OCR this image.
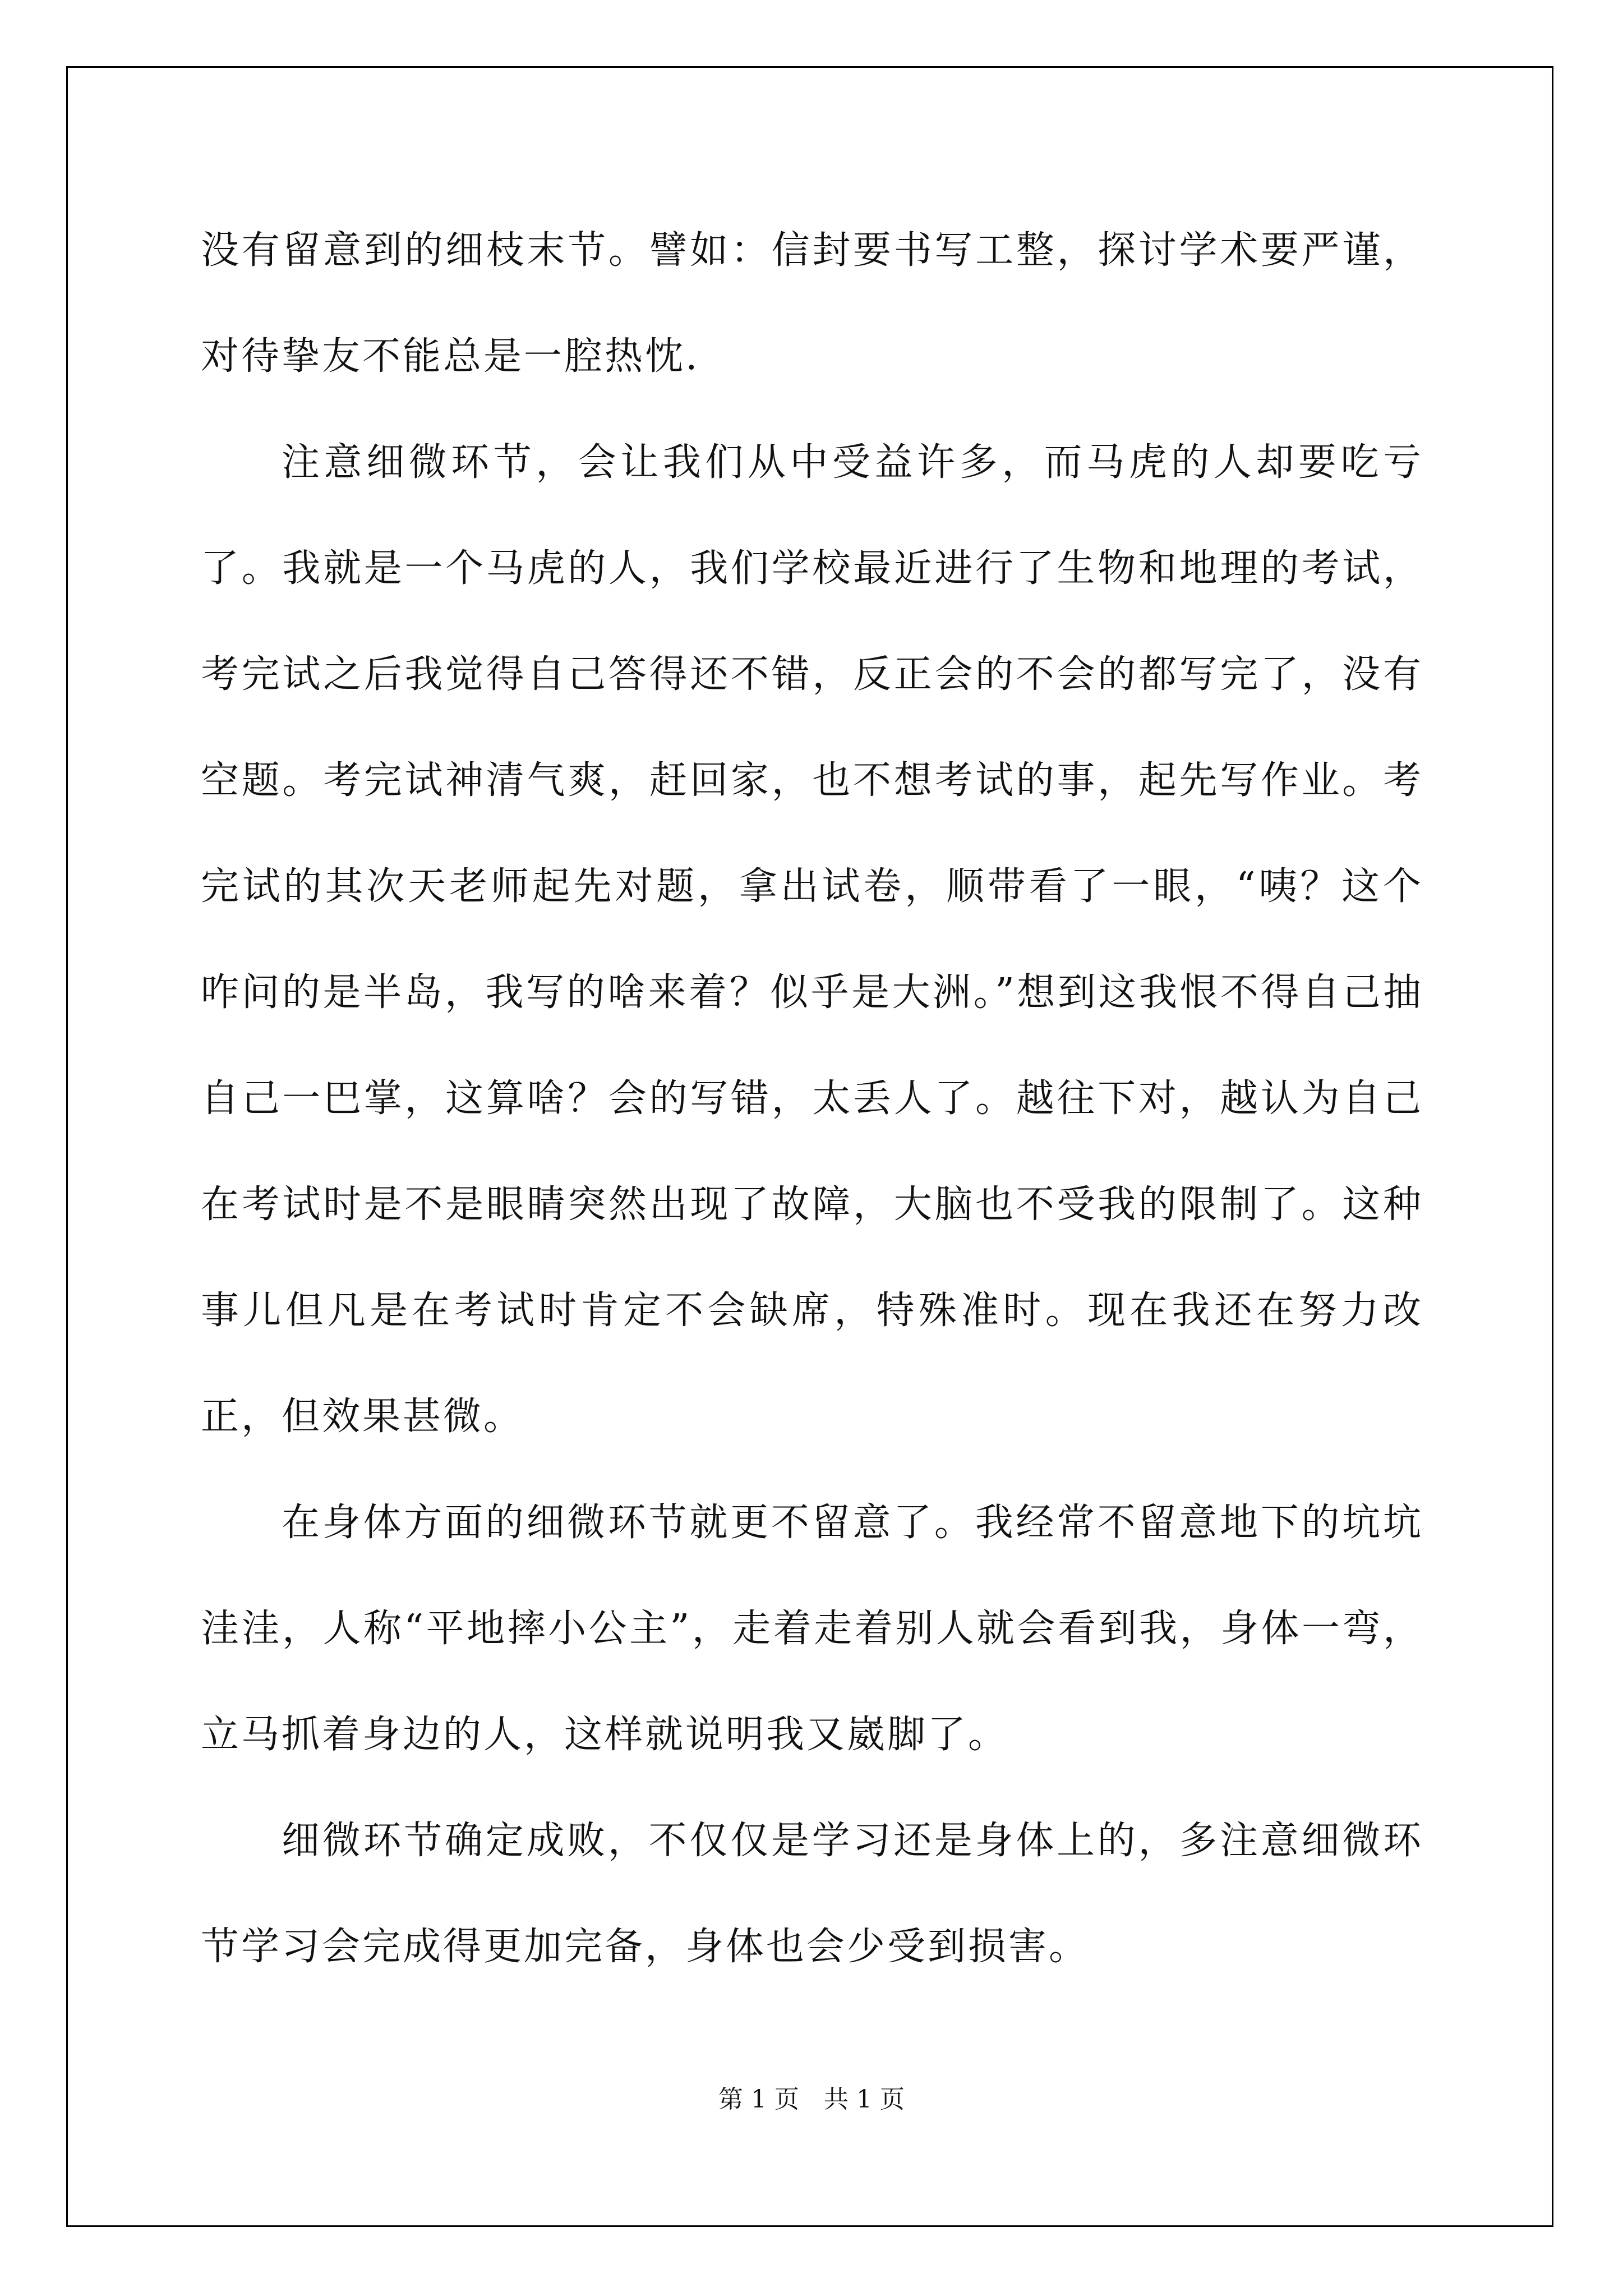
没有留意到的细枝末节。譬如：信封要书写工整，探讨学术要严谨，对待挚友不能总是一腔热忱.

注意细微环节，会让我们从中受益许多，而马虎的人却要吃亏了。我就是一个马虎的人，我们学校最近进行了生物和地理的考试，考完试之后我觉得自己答得还不错，反正会的不会的都写完了，没有空题。考完试神清气爽，赶回家，也不想考试的事，起先写作业。考完试的其次天老师起先对题，拿出试卷，顺带看了一眼，“咦？这个咋问的是半岛，我写的啥来着？似乎是大洲。”想到这我恨不得自己抽自己一巴掌，这算啥？会的写错，太丢人了。越往下对，越认为自己在考试时是不是眼睛突然出现了故障，大脑也不受我的限制了。这种事儿但凡是在考试时肯定不会缺席，特殊准时。现在我还在努力改正，但效果甚微。

在身体方面的细微环节就更不留意了。我经常不留意地下的坑坑洼洼，人称“平地摔小公主”，走着走着别人就会看到我，身体一弯，立马抓着身边的人，这样就说明我又崴脚了。

细微环节确定成败，不仅仅是学习还是身体上的，多注意细微环节学习会完成得更加完备，身体也会少受到损害。

第 1 页　共 1 页
